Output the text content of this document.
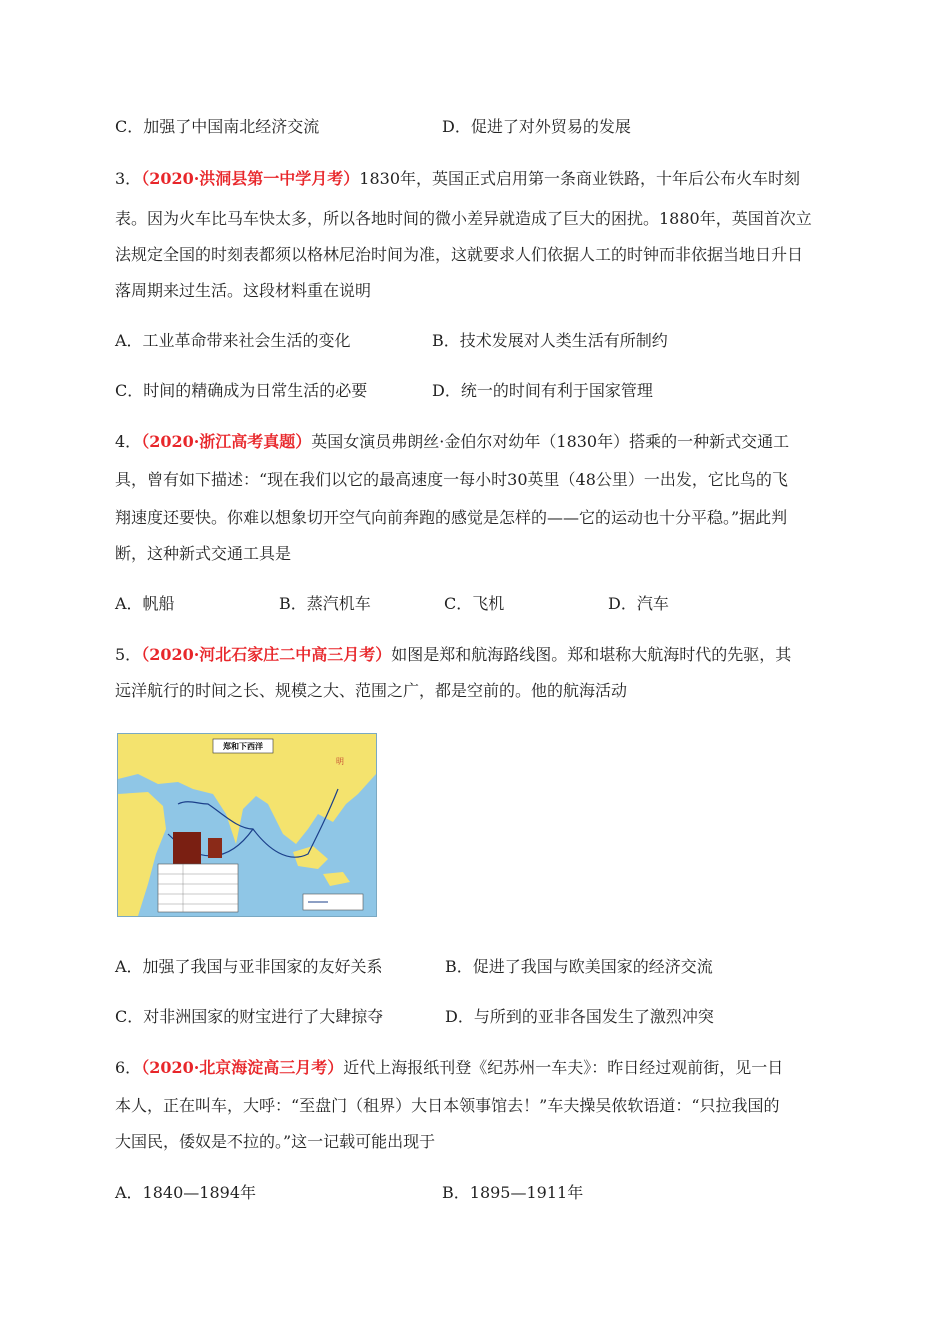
C．加强了中国南北经济交流	D．促进了对外贸易的发展
3．（2020·洪洞县第一中学月考）1830年，英国正式启用第一条商业铁路，十年后公布火车时刻
表。因为火车比马车快太多，所以各地时间的微小差异就造成了巨大的困扰。1880年，英国首次立
法规定全国的时刻表都须以格林尼治时间为准，这就要求人们依据人工的时钟而非依据当地日升日
落周期来过生活。这段材料重在说明
A．工业革命带来社会生活的变化	B．技术发展对人类生活有所制约
C．时间的精确成为日常生活的必要	D．统一的时间有利于国家管理
4．（2020·浙江高考真题）英国女演员弗朗丝·金伯尔对幼年（1830年）搭乘的一种新式交通工
具，曾有如下描述：“现在我们以它的最高速度一每小时30英里（48公里）一出发，它比鸟的飞
翔速度还要快。你难以想象切开空气向前奔跑的感觉是怎样的——它的运动也十分平稳。”据此判
断，这种新式交通工具是
A．帆船	B．蒸汽机车	C．飞机	D．汽车
5．（2020·河北石家庄二中高三月考）如图是郑和航海路线图。郑和堪称大航海时代的先驱，其
远洋航行的时间之长、规模之大、范围之广，都是空前的。他的航海活动
郑和下西洋
明
A．加强了我国与亚非国家的友好关系	B．促进了我国与欧美国家的经济交流
C．对非洲国家的财宝进行了大肆掠夺	D．与所到的亚非各国发生了激烈冲突
6．（2020·北京海淀高三月考）近代上海报纸刊登《纪苏州一车夫》：昨日经过观前街，见一日
本人，正在叫车，大呼：“至盘门（租界）大日本领事馆去！”车夫操吴侬软语道：“只拉我国的
大国民，倭奴是不拉的。”这一记载可能出现于
A．1840—1894年	B．1895—1911年
